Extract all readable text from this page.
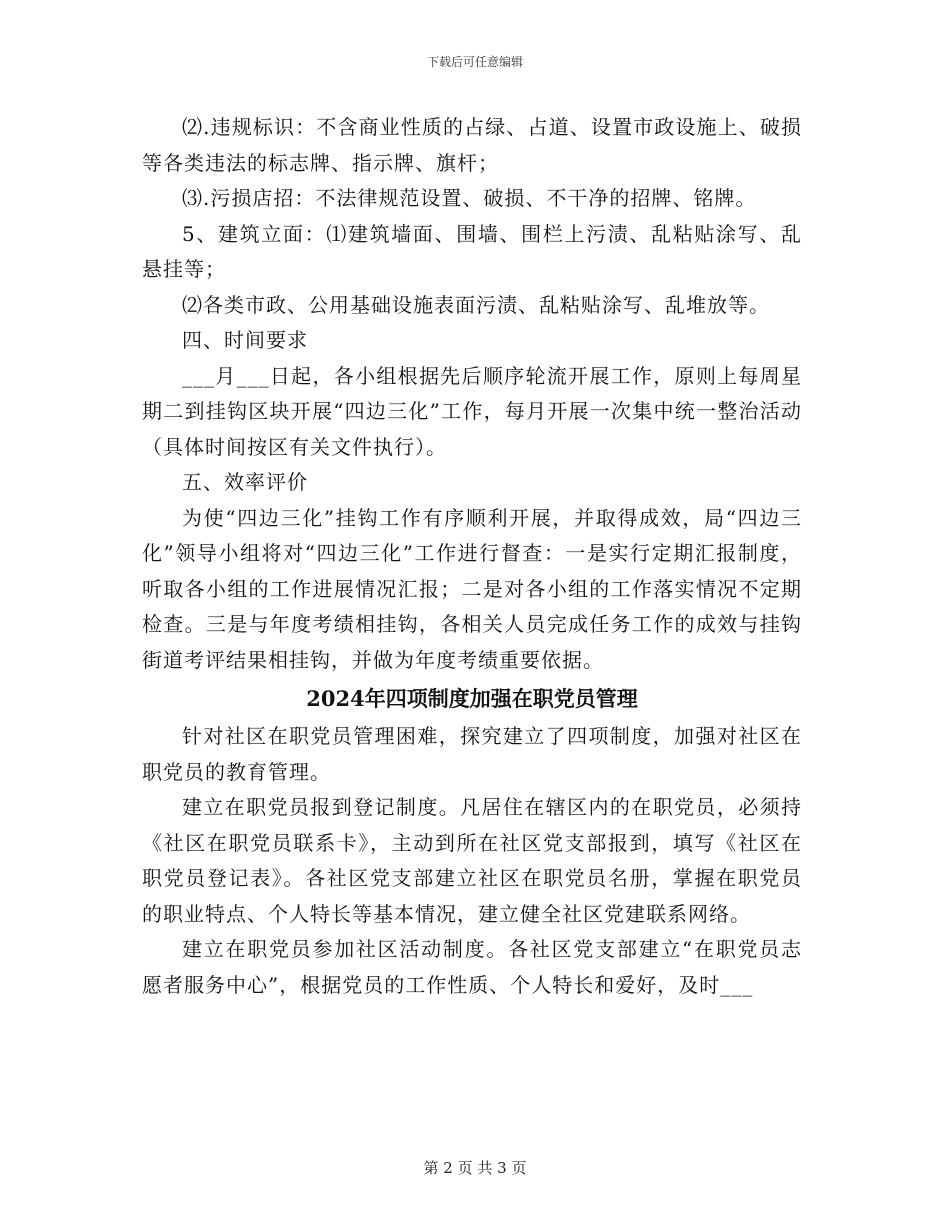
下载后可任意编辑

⑵.违规标识：不含商业性质的占绿、占道、设置市政设施上、破损等各类违法的标志牌、指示牌、旗杆；

⑶.污损店招：不法律规范设置、破损、不干净的招牌、铭牌。

5、建筑立面：⑴建筑墙面、围墙、围栏上污渍、乱粘贴涂写、乱悬挂等；

⑵各类市政、公用基础设施表面污渍、乱粘贴涂写、乱堆放等。

四、时间要求

___月___日起，各小组根据先后顺序轮流开展工作，原则上每周星期二到挂钩区块开展“四边三化”工作，每月开展一次集中统一整治活动（具体时间按区有关文件执行）。

五、效率评价

为使“四边三化”挂钩工作有序顺利开展，并取得成效，局“四边三化”领导小组将对“四边三化”工作进行督查：一是实行定期汇报制度，听取各小组的工作进展情况汇报；二是对各小组的工作落实情况不定期检查。三是与年度考绩相挂钩，各相关人员完成任务工作的成效与挂钩街道考评结果相挂钩，并做为年度考绩重要依据。

2024年四项制度加强在职党员管理

针对社区在职党员管理困难，探究建立了四项制度，加强对社区在职党员的教育管理。

建立在职党员报到登记制度。凡居住在辖区内的在职党员，必须持《社区在职党员联系卡》，主动到所在社区党支部报到，填写《社区在职党员登记表》。各社区党支部建立社区在职党员名册，掌握在职党员的职业特点、个人特长等基本情况，建立健全社区党建联系网络。

建立在职党员参加社区活动制度。各社区党支部建立“在职党员志愿者服务中心”，根据党员的工作性质、个人特长和爱好，及时___

第 2 页 共 3 页
